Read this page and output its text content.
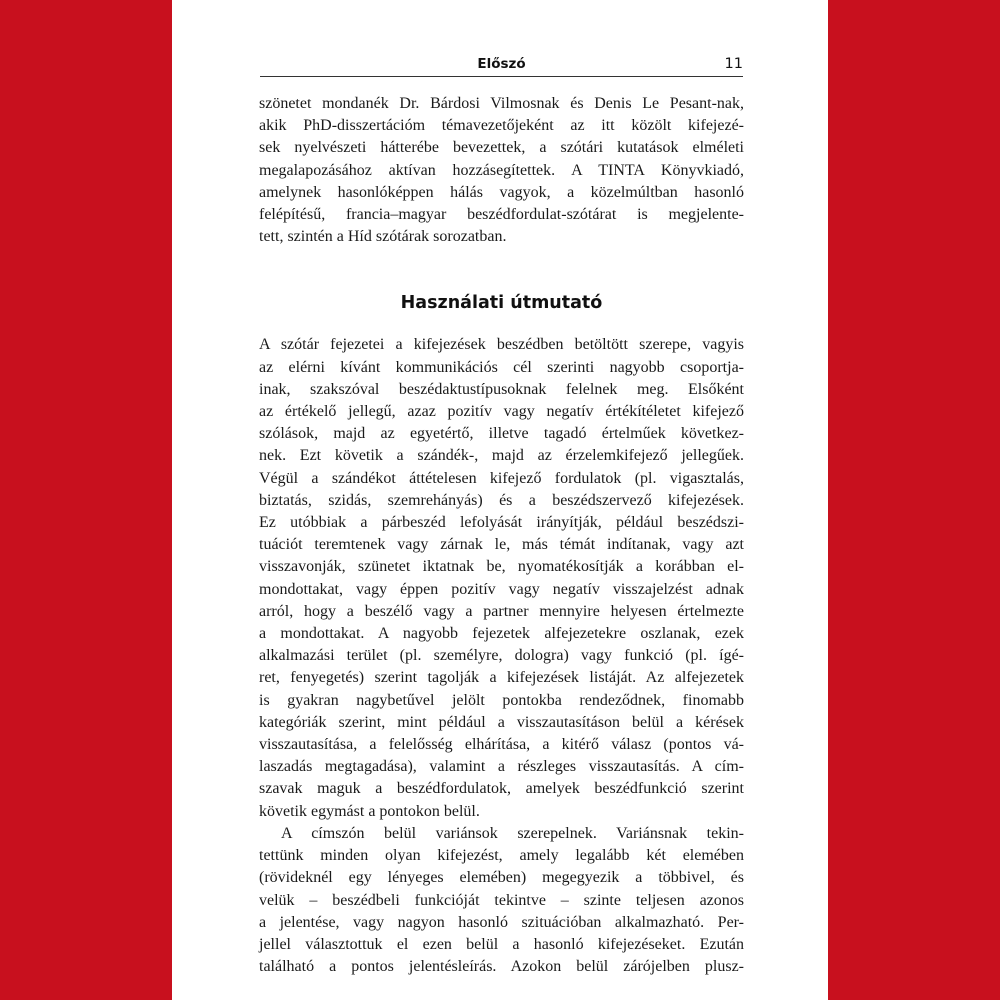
Előszó	11

szönetet mondanék Dr. Bárdosi Vilmosnak és Denis Le Pesant-nak,
akik PhD-disszertációm témavezetőjeként az itt közölt kifejezé-
sek nyelvészeti hátterébe bevezettek, a szótári kutatások elméleti
megalapozásához aktívan hozzásegítettek. A TINTA Könyvkiadó,
amelynek hasonlóképpen hálás vagyok, a közelmúltban hasonló
felépítésű, francia–magyar beszédfordulat-szótárat is megjelente-
tett, szintén a Híd szótárak sorozatban.

Használati útmutató

A szótár fejezetei a kifejezések beszédben betöltött szerepe, vagyis
az elérni kívánt kommunikációs cél szerinti nagyobb csoportja-
inak, szakszóval beszédaktustípusoknak felelnek meg. Elsőként
az értékelő jellegű, azaz pozitív vagy negatív értékítéletet kifejező
szólások, majd az egyetértő, illetve tagadó értelműek következ-
nek. Ezt követik a szándék-, majd az érzelemkifejező jellegűek.
Végül a szándékot áttételesen kifejező fordulatok (pl. vigasztalás,
biztatás, szidás, szemrehányás) és a beszédszervező kifejezések.
Ez utóbbiak a párbeszéd lefolyását irányítják, például beszédszi-
tuációt teremtenek vagy zárnak le, más témát indítanak, vagy azt
visszavonják, szünetet iktatnak be, nyomatékosítják a korábban el-
mondottakat, vagy éppen pozitív vagy negatív visszajelzést adnak
arról, hogy a beszélő vagy a partner mennyire helyesen értelmezte
a mondottakat. A nagyobb fejezetek alfejezetekre oszlanak, ezek
alkalmazási terület (pl. személyre, dologra) vagy funkció (pl. ígé-
ret, fenyegetés) szerint tagolják a kifejezések listáját. Az alfejezetek
is gyakran nagybetűvel jelölt pontokba rendeződnek, finomabb
kategóriák szerint, mint például a visszautasításon belül a kérések
visszautasítása, a felelősség elhárítása, a kitérő válasz (pontos vá-
laszadás megtagadása), valamint a részleges visszautasítás. A cím-
szavak maguk a beszédfordulatok, amelyek beszédfunkció szerint
követik egymást a pontokon belül.

A címszón belül variánsok szerepelnek. Variánsnak tekin-
tettünk minden olyan kifejezést, amely legalább két elemében
(rövideknél egy lényeges elemében) megegyezik a többivel, és
velük – beszédbeli funkcióját tekintve – szinte teljesen azonos
a jelentése, vagy nagyon hasonló szituációban alkalmazható. Per-
jellel választottuk el ezen belül a hasonló kifejezéseket. Ezután
található a pontos jelentésleírás. Azokon belül zárójelben plusz-
